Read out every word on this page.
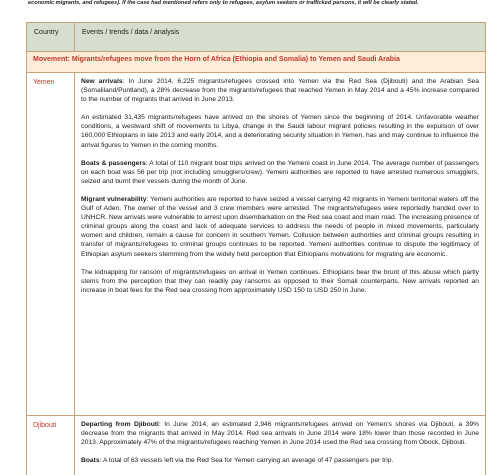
economic migrants, and refugees). If the case had mentioned refers only to refugees, asylum seekers or trafficked persons, it will be clearly stated.
Country	Events / trends / data / analysis
Movement: Migrants/refugees move from the Horn of Africa (Ethiopia and Somalia) to Yemen and Saudi Arabia	
Yemen	New arrivals: In June 2014, 6,225 migrants/refugees crossed into Yemen via the Red Sea (Djibouti) and the Arabian Sea (Somaliland/Puntland), a 28% decrease from the migrants/refugees that reached Yemen in May 2014 and a 45% increase compared to the number of migrants that arrived in June 2013.

An estimated 31,435 migrants/refugees have arrived on the shores of Yemen since the beginning of 2014. Unfavorable weather conditions, a westward shift of movements to Libya, change in the Saudi labour migrant policies resulting in the expulsion of over 160,000 Ethiopians in late 2013 and early 2014, and a deteriorating security situation in Yemen, has and may continue to influence the arrival figures to Yemen in the coming months.

Boats & passengers: A total of 110 migrant boat trips arrived on the Yemeni coast in June 2014. The average number of passengers on each boat was 56 per trip (not including smugglers/crew). Yemeni authorities are reported to have arrested numerous smugglers, seized and burnt their vessels during the month of June.

Migrant vulnerability: Yemeni authorities are reported to have seized a vessel carrying 42 migrants in Yemeni territorial waters off the Gulf of Aden. The owner of the vessel and 3 crew members were arrested. The migrants/refugees were reportedly handed over to UNHCR. New arrivals were vulnerable to arrest upon disembarkation on the Red sea coast and main road. The increasing presence of criminal groups along the coast and lack of adequate services to address the needs of people in mixed movements, particularly women and children, remain a cause for concern in southern Yemen. Collusion between authorities and criminal groups resulting in transfer of migrants/refugees to criminal groups continues to be reported. Yemeni authorities continue to dispute the legitimacy of Ethiopian asylum seekers stemming from the widely held perception that Ethiopians motivations for migrating are economic.

The kidnapping for ransom of migrants/refugees on arrival in Yemen continues. Ethiopians bear the brunt of this abuse which partly stems from the perception that they can readily pay ransoms as opposed to their Somali counterparts. New arrivals reported an increase in boat fees for the Red sea crossing from approximately USD 150 to USD 250 in June.

Djibouti	Departing from Djibouti: In June 2014, an estimated 2,946 migrants/refugees arrived on Yemen's shores via Djibouti, a 39% decrease from the migrants that arrived in May 2014. Red sea arrivals in June 2014 were 18% lower than those recorded in June 2013. Approximately 47% of the migrants/refugees reaching Yemen in June 2014 used the Red sea crossing from Obock, Djibouti.

Boats: A total of 63 vessels left via the Red Sea for Yemen carrying an average of 47 passengers per trip.
